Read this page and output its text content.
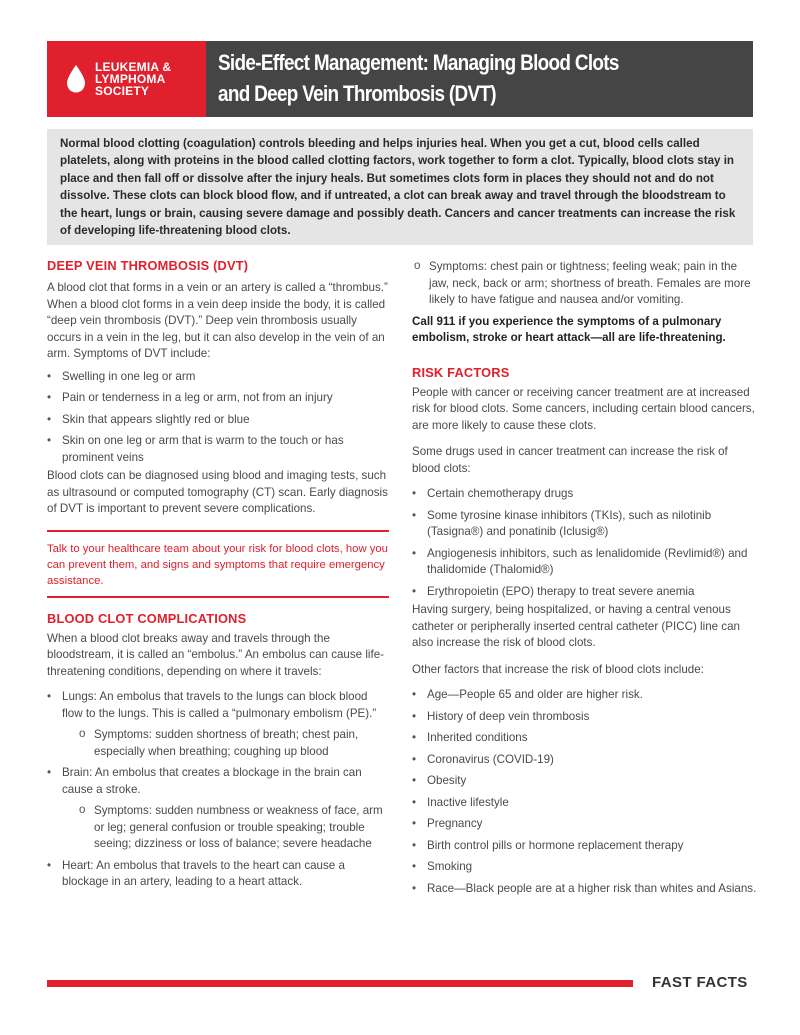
LEUKEMIA &
LYMPHOMA
SOCIETY
Side-Effect Management: Managing Blood Clots
and Deep Vein Thrombosis (DVT)

Normal blood clotting (coagulation) controls bleeding and helps injuries heal. When you get a cut, blood cells called platelets, along with proteins in the blood called clotting factors, work together to form a clot. Typically, blood clots stay in place and then fall off or dissolve after the injury heals. But sometimes clots form in places they should not and do not dissolve. These clots can block blood flow, and if untreated, a clot can break away and travel through the bloodstream to the heart, lungs or brain, causing severe damage and possibly death. Cancers and cancer treatments can increase the risk of developing life-threatening blood clots.

DEEP VEIN THROMBOSIS (DVT)

A blood clot that forms in a vein or an artery is called a “thrombus.” When a blood clot forms in a vein deep inside the body, it is called “deep vein thrombosis (DVT).” Deep vein thrombosis usually occurs in a vein in the leg, but it can also develop in the vein of an arm. Symptoms of DVT include:

• Swelling in one leg or arm
• Pain or tenderness in a leg or arm, not from an injury
• Skin that appears slightly red or blue
• Skin on one leg or arm that is warm to the touch or has prominent veins

Blood clots can be diagnosed using blood and imaging tests, such as ultrasound or computed tomography (CT) scan. Early diagnosis of DVT is important to prevent severe complications.

Talk to your healthcare team about your risk for blood clots, how you can prevent them, and signs and symptoms that require emergency assistance.

BLOOD CLOT COMPLICATIONS

When a blood clot breaks away and travels through the bloodstream, it is called an “embolus.” An embolus can cause life-threatening conditions, depending on where it travels:

• Lungs: An embolus that travels to the lungs can block blood flow to the lungs. This is called a “pulmonary embolism (PE).”
o Symptoms: sudden shortness of breath; chest pain, especially when breathing; coughing up blood
• Brain: An embolus that creates a blockage in the brain can cause a stroke.
o Symptoms: sudden numbness or weakness of face, arm or leg; general confusion or trouble speaking; trouble seeing; dizziness or loss of balance; severe headache
• Heart: An embolus that travels to the heart can cause a blockage in an artery, leading to a heart attack.
o Symptoms: chest pain or tightness; feeling weak; pain in the jaw, neck, back or arm; shortness of breath. Females are more likely to have fatigue and nausea and/or vomiting.

Call 911 if you experience the symptoms of a pulmonary embolism, stroke or heart attack—all are life-threatening.

RISK FACTORS

People with cancer or receiving cancer treatment are at increased risk for blood clots. Some cancers, including certain blood cancers, are more likely to cause these clots.

Some drugs used in cancer treatment can increase the risk of blood clots:

• Certain chemotherapy drugs
• Some tyrosine kinase inhibitors (TKIs), such as nilotinib (Tasigna®) and ponatinib (Iclusig®)
• Angiogenesis inhibitors, such as lenalidomide (Revlimid®) and thalidomide (Thalomid®)
• Erythropoietin (EPO) therapy to treat severe anemia

Having surgery, being hospitalized, or having a central venous catheter or peripherally inserted central catheter (PICC) line can also increase the risk of blood clots.

Other factors that increase the risk of blood clots include:

• Age—People 65 and older are higher risk.
• History of deep vein thrombosis
• Inherited conditions
• Coronavirus (COVID-19)
• Obesity
• Inactive lifestyle
• Pregnancy
• Birth control pills or hormone replacement therapy
• Smoking
• Race—Black people are at a higher risk than whites and Asians.
FAST FACTS
